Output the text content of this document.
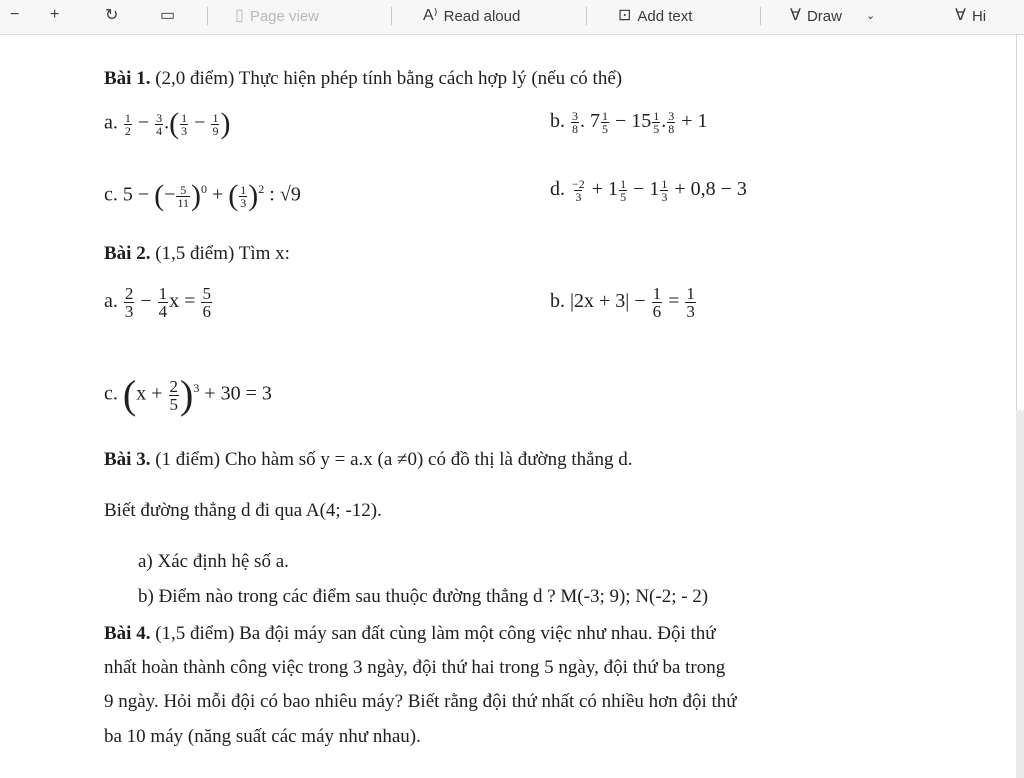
− +	↻	▭	▯ Page view	A⁾ Read aloud	⊡ Add text	∀ Draw ⌄	∀ Hi
Bài 1. (2,0 điểm) Thực hiện phép tính bằng cách hợp lý (nếu có thể)
a. $\frac{1}{2} - \frac{3}{4}$ .( $\frac{1}{3} - \frac{1}{9}$ )	b. $\frac{3}{8}$ . $7 \frac{1}{5} - 15 \frac{1}{5}$ . $\frac{3}{8} + 1$
c. 5 − (− $\frac{5}{11} )^0$ + ( $\frac{1}{3} )^2$ : √9	d. $\frac{-2}{3} + 1 \frac{1}{5} - 1 \frac{1}{3} + 0,8 - 3$
Bài 2. (1,5 điểm) Tìm x:
a. $\frac{2}{3} - \frac{1}{4}$ $x = \frac{5}{6}$	b. $|2x + 3| - \frac{1}{6} = \frac{1}{3}$
c. $(x + \frac{2}{5} )^3 + 30 = 3$
Bài 3. (1 điểm) Cho hàm số y = a.x (a ≠0) có đồ thị là đường thẳng d.
Biết đường thẳng d đi qua A(4; -12).
a) Xác định hệ số a.
b) Điểm nào trong các điểm sau thuộc đường thẳng d ? M(-3; 9); N(-2; - 2)
Bài 4. (1,5 điểm) Ba đội máy san đất cùng làm một công việc như nhau. Đội thứ
nhất hoàn thành công việc trong 3 ngày, đội thứ hai trong 5 ngày, đội thứ ba trong
9 ngày. Hỏi mỗi đội có bao nhiêu máy? Biết rằng đội thứ nhất có nhiều hơn đội thứ
ba 10 máy (năng suất các máy như nhau).
